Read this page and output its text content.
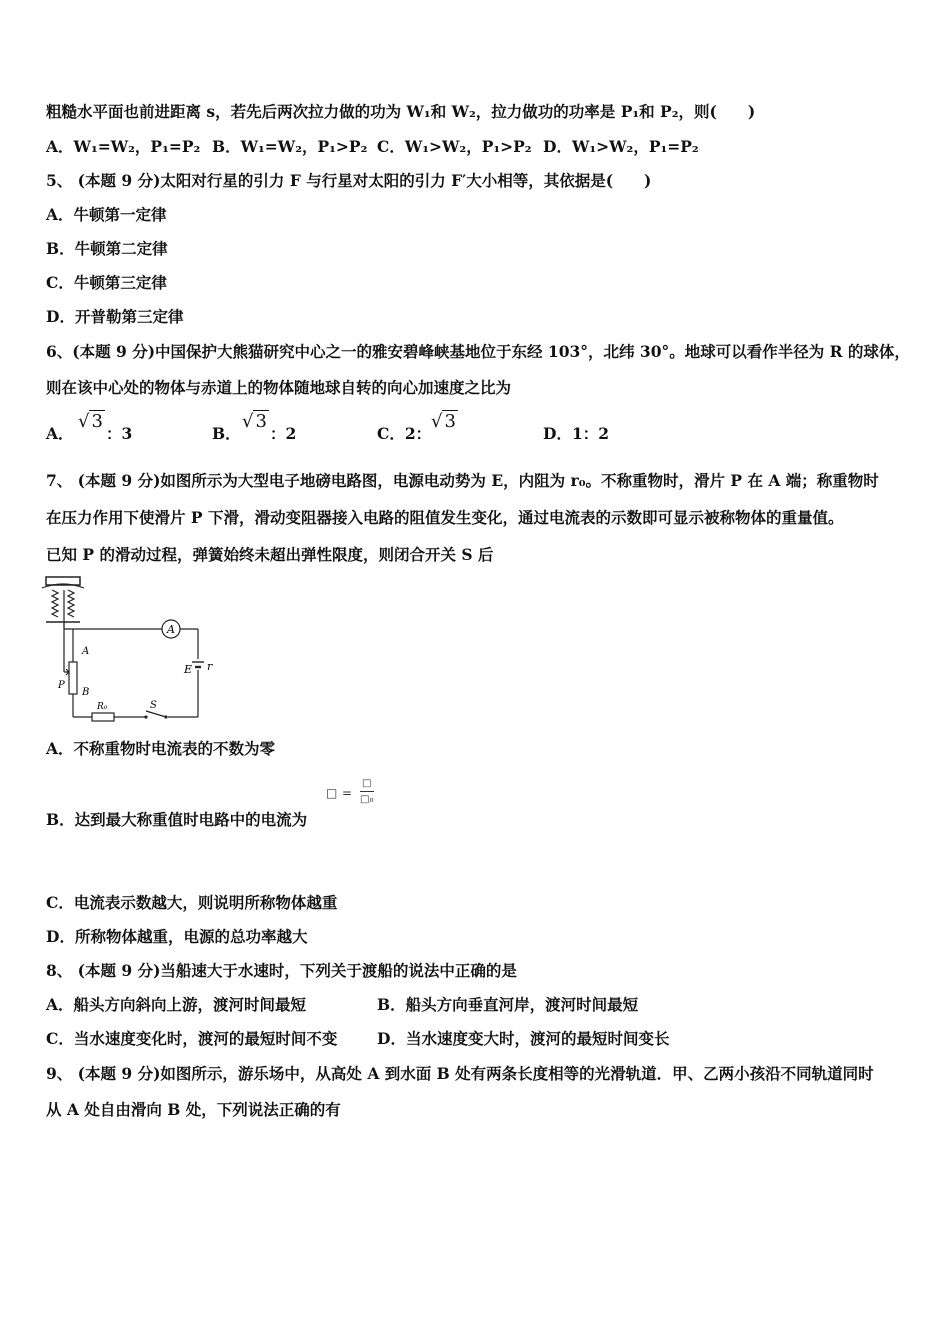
粗糙水平面也前进距离 s，若先后两次拉力做的功为 W₁和 W₂，拉力做功的功率是 P₁和 P₂，则(　　)
A．W₁=W₂，P₁=P₂ B．W₁=W₂，P₁>P₂ C．W₁>W₂，P₁>P₂ D．W₁>W₂，P₁=P₂
5、 (本题 9 分)太阳对行星的引力 F 与行星对太阳的引力 F′大小相等，其依据是(　　)
A．牛顿第一定律
B．牛顿第二定律
C．牛顿第三定律
D．开普勒第三定律
6、(本题 9 分)中国保护大熊猫研究中心之一的雅安碧峰峡基地位于东经 103°，北纬 30°。地球可以看作半径为 R 的球体，
则在该中心处的物体与赤道上的物体随地球自转的向心加速度之比为
A．
√ 3
：3	B．
√ 3
：2	C．2：
√ 3
D．1：2
7、 (本题 9 分)如图所示为大型电子地磅电路图，电源电动势为 E，内阻为 r₀。不称重物时，滑片 P 在 A 端；称重物时
在压力作用下使滑片 P 下滑，滑动变阻器接入电路的阻值发生变化，通过电流表的示数即可显示被称物体的重量值。
已知 P 的滑动过程，弹簧始终未超出弹性限度，则闭合开关 S 后
A
E r
S
R₀
A
B
P
A．不称重物时电流表的不数为零
□ =
□
□₀
B．达到最大称重值时电路中的电流为
C．电流表示数越大，则说明所称物体越重
D．所称物体越重，电源的总功率越大
8、 (本题 9 分)当船速大于水速时，下列关于渡船的说法中正确的是
A．船头方向斜向上游，渡河时间最短	B．船头方向垂直河岸，渡河时间最短
C．当水速度变化时，渡河的最短时间不变	D．当水速度变大时，渡河的最短时间变长
9、 (本题 9 分)如图所示，游乐场中，从高处 A 到水面 B 处有两条长度相等的光滑轨道．甲、乙两小孩沿不同轨道同时
从 A 处自由滑向 B 处，下列说法正确的有
